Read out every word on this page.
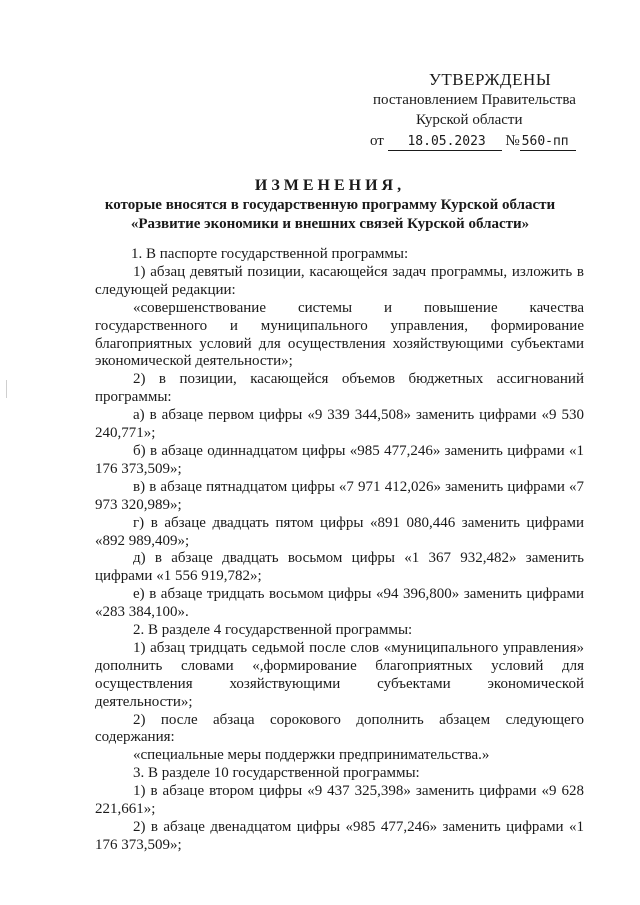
УТВЕРЖДЕНЫ
постановлением Правительства
Курской области
от 18.05.2023 № 560-пп
ИЗМЕНЕНИЯ,
которые вносятся в государственную программу Курской области
«Развитие экономики и внешних связей Курской области»

1. В паспорте государственной программы:

1) абзац девятый позиции, касающейся задач программы, изложить в следующей редакции:

«совершенствование системы и повышение качества государственного и муниципального управления, формирование благоприятных условий для осуществления хозяйствующими субъектами экономической деятельности»;

2) в позиции, касающейся объемов бюджетных ассигнований программы:

а) в абзаце первом цифры «9 339 344,508» заменить цифрами «9 530 240,771»;

б) в абзаце одиннадцатом цифры «985 477,246» заменить цифрами «1 176 373,509»;

в) в абзаце пятнадцатом цифры «7 971 412,026» заменить цифрами «7 973 320,989»;

г) в абзаце двадцать пятом цифры «891 080,446 заменить цифрами «892 989,409»;

д) в абзаце двадцать восьмом цифры «1 367 932,482» заменить цифрами «1 556 919,782»;

е) в абзаце тридцать восьмом цифры «94 396,800» заменить цифрами «283 384,100».

2. В разделе 4 государственной программы:

1) абзац тридцать седьмой после слов «муниципального управления» дополнить словами «,формирование благоприятных условий для осуществления хозяйствующими субъектами экономической деятельности»;

2) после абзаца сорокового дополнить абзацем следующего содержания:

«специальные меры поддержки предпринимательства.»

3. В разделе 10 государственной программы:

1) в абзаце втором цифры «9 437 325,398» заменить цифрами «9 628 221,661»;

2) в абзаце двенадцатом цифры «985 477,246» заменить цифрами «1 176 373,509»;
